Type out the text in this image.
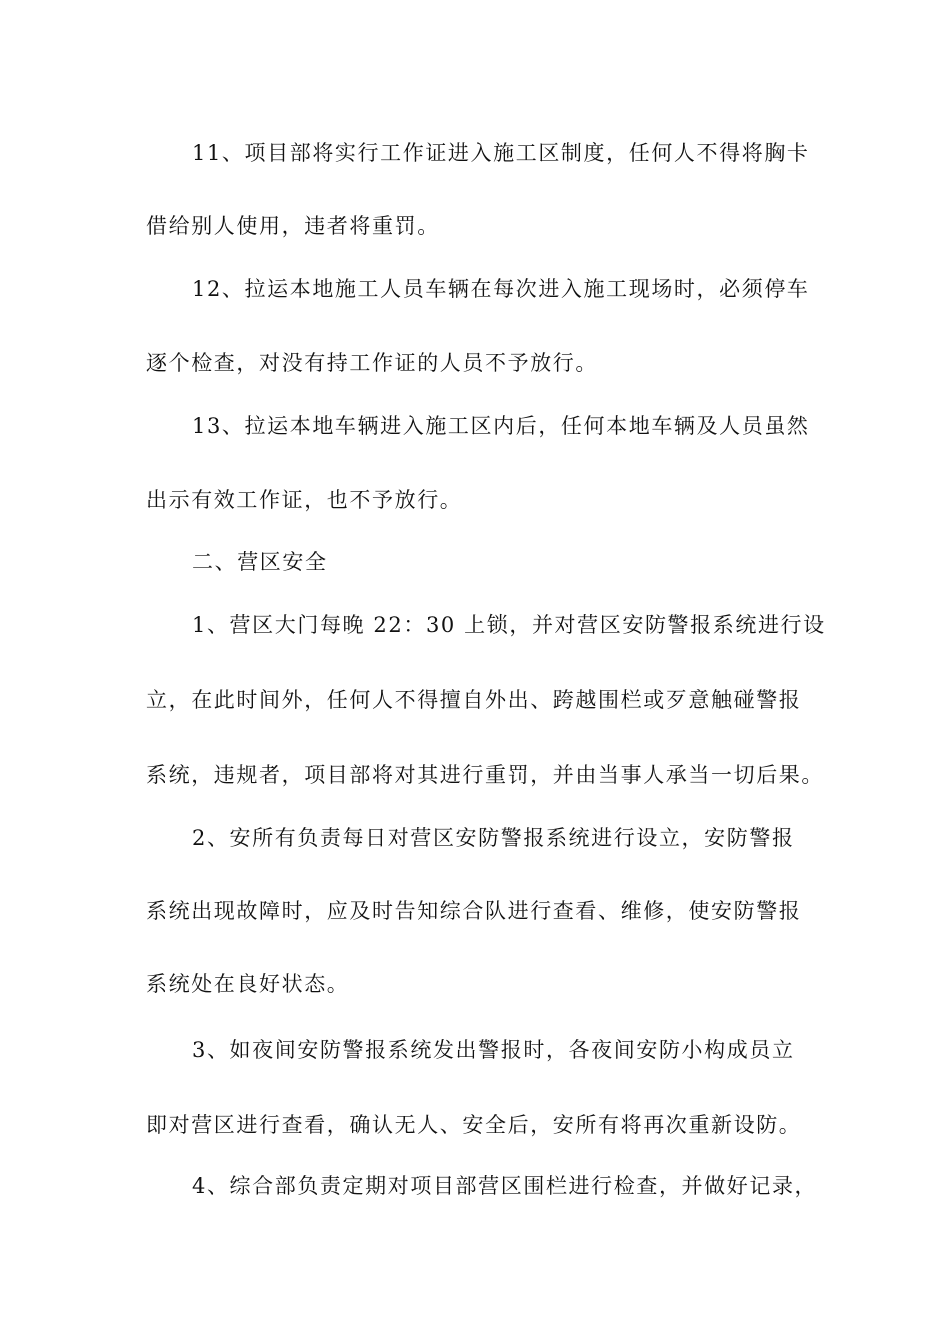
11、项目部将实行工作证进入施工区制度，任何人不得将胸卡
借给别人使用，违者将重罚。
12、拉运本地施工人员车辆在每次进入施工现场时，必须停车
逐个检查，对没有持工作证的人员不予放行。
13、拉运本地车辆进入施工区内后，任何本地车辆及人员虽然
出示有效工作证，也不予放行。
二、营区安全
1、营区大门每晚 22：30 上锁，并对营区安防警报系统进行设
立，在此时间外，任何人不得擅自外出、跨越围栏或歹意触碰警报
系统，违规者，项目部将对其进行重罚，并由当事人承当一切后果。
2、安所有负责每日对营区安防警报系统进行设立，安防警报
系统出现故障时，应及时告知综合队进行查看、维修，使安防警报
系统处在良好状态。
3、如夜间安防警报系统发出警报时，各夜间安防小构成员立
即对营区进行查看，确认无人、安全后，安所有将再次重新设防。
4、综合部负责定期对项目部营区围栏进行检查，并做好记录，
